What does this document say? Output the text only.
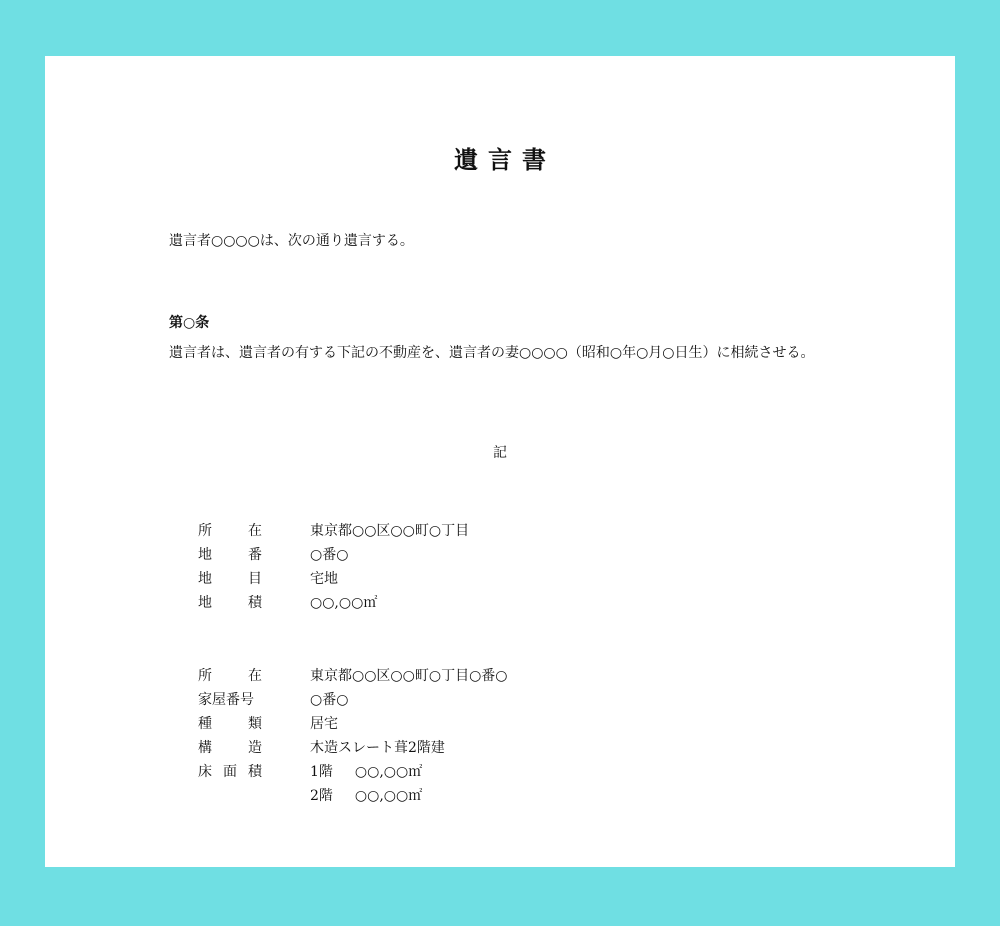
遺言書
遺言者○○○○は、次の通り遺言する。
第○条
遺言者は、遺言者の有する下記の不動産を、遺言者の妻○○○○（昭和○年○月○日生）に相続させる。
記
所	在	東京都○○区○○町○丁目
地	番	○番○
地	目	宅地
地	積	○○,○○㎡
所	在	東京都○○区○○町○丁目○番○
家屋番号	○番○
種	類	居宅
構	造	木造スレート葺2階建
床 面 積	1階 ○○,○○㎡
2階 ○○,○○㎡
